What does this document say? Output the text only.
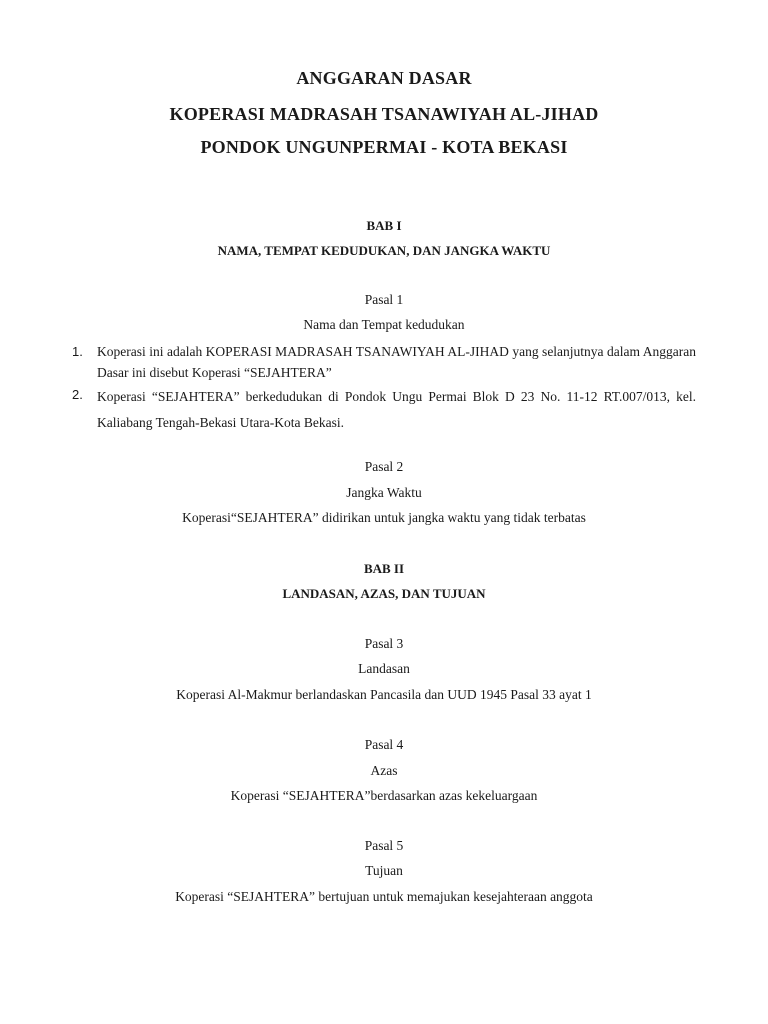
ANGGARAN DASAR
KOPERASI MADRASAH TSANAWIYAH AL-JIHAD
PONDOK UNGUNPERMAI - KOTA BEKASI
BAB I
NAMA, TEMPAT KEDUDUKAN, DAN JANGKA WAKTU
Pasal 1
Nama dan Tempat kedudukan
1. Koperasi ini adalah KOPERASI MADRASAH TSANAWIYAH AL-JIHAD yang selanjutnya dalam Anggaran Dasar ini disebut Koperasi “SEJAHTERA”
2. Koperasi “SEJAHTERA” berkedudukan di Pondok Ungu Permai Blok D 23 No. 11-12 RT.007/013, kel. Kaliabang Tengah-Bekasi Utara-Kota Bekasi.
Pasal 2
Jangka Waktu
Koperasi“SEJAHTERA” didirikan untuk jangka waktu yang tidak terbatas
BAB II
LANDASAN, AZAS, DAN TUJUAN
Pasal 3
Landasan
Koperasi Al-Makmur berlandaskan Pancasila dan UUD 1945 Pasal 33 ayat 1
Pasal 4
Azas
Koperasi “SEJAHTERA”berdasarkan azas kekeluargaan
Pasal 5
Tujuan
Koperasi “SEJAHTERA” bertujuan untuk memajukan kesejahteraan anggota
